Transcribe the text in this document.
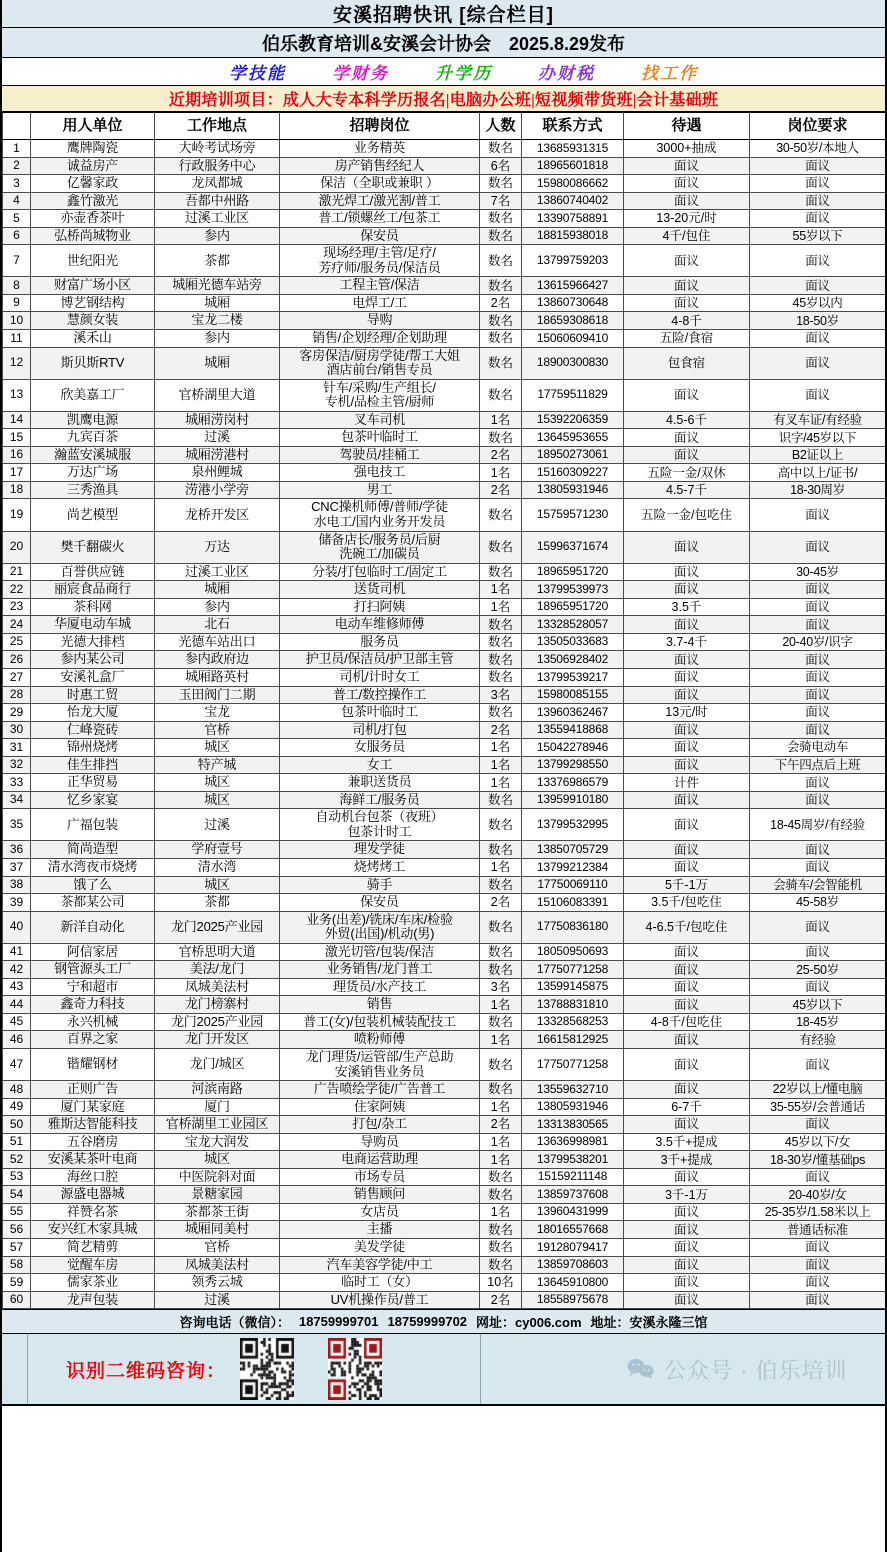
安溪招聘快讯 [综合栏目]
伯乐教育培训&安溪会计协会　2025.8.29发布
学技能	学财务	升学历	办财税	找工作
近期培训项目：成人大专本科学历报名|电脑办公班|短视频带货班|会计基础班
	用人单位	工作地点	招聘岗位	人数	联系方式	待遇	岗位要求
1	鹰牌陶瓷	大岭考试场旁	业务精英	数名	13685931315	3000+抽成	30-50岁/本地人
2	诚益房产	行政服务中心	房产销售经纪人	6名	18965601818	面议	面议
3	亿馨家政	龙凤都城	保洁（全职或兼职 ）	数名	15980086662	面议	面议
4	鑫竹激光	吾都中州路	激光焊工/激光割/普工	7名	13860740402	面议	面议
5	亦壶香茶叶	过溪工业区	普工/锁螺丝工/包茶工	数名	13390758891	13-20元/时	面议
6	弘桥尚城物业	参内	保安员	数名	18815938018	4千/包住	55岁以下
7	世纪阳光	茶都	现场经理/主管/足疗/
芳疗师/服务员/保洁员	数名	13799759203	面议	面议
8	财富广场小区	城厢光德车站旁	工程主管/保洁	数名	13615966427	面议	面议
9	博艺钢结构	城厢	电焊工/工	2名	13860730648	面议	45岁以内
10	慧颜女装	宝龙二楼	导购	数名	18659308618	4-8千	18-50岁
11	溪禾山	参内	销售/企划经理/企划助理	数名	15060609410	五险/食宿	面议
12	斯贝斯RTV	城厢	客房保洁/厨房学徒/帮工大姐
酒店前台/销售专员	数名	18900300830	包食宿	面议
13	欣美嘉工厂	官桥湖里大道	针车/采购/生产组长/
专机/品检主管/厨师	数名	17759511829	面议	面议
14	凯鹰电源	城厢涝岗村	叉车司机	1名	15392206359	4.5-6千	有叉车证/有经验
15	九宾百茶	过溪	包茶叶临时工	数名	13645953655	面议	识字/45岁以下
16	瀚蓝安溪城服	城厢涝港村	驾驶员/挂桶工	2名	18950273061	面议	B2证以上
17	万达广场	泉州鲤城	强电技工	1名	15160309227	五险一金/双休	高中以上/证书/
18	三秀渔具	涝港小学旁	男工	2名	13805931946	4.5-7千	18-30周岁
19	尚艺模型	龙桥开发区	CNC操机师傅/普师/学徒
水电工/国内业务开发员	数名	15759571230	五险一金/包吃住	面议
20	樊千翻碳火	万达	储备店长/服务员/后厨
洗碗工/加碳员	数名	15996371674	面议	面议
21	百誉供应链	过溪工业区	分装/打包临时工/固定工	数名	18965951720	面议	30-45岁
22	丽宸食品商行	城厢	送货司机	1名	13799539973	面议	面议
23	茶科网	参内	打扫阿姨	1名	18965951720	3.5千	面议
24	华厦电动车城	北石	电动车维修师傅	数名	13328528057	面议	面议
25	光德大排档	光德车站出口	服务员	数名	13505033683	3.7-4千	20-40岁/识字
26	参内某公司	参内政府边	护卫员/保洁员/护卫部主管	数名	13506928402	面议	面议
27	安溪礼盒厂	城厢路英村	司机/计时女工	数名	13799539217	面议	面议
28	时惠工贸	玉田阀门二期	普工/数控操作工	3名	15980085155	面议	面议
29	怡龙大厦	宝龙	包茶叶临时工	数名	13960362467	13元/时	面议
30	仁峰瓷砖	官桥	司机/打包	2名	13559418868	面议	面议
31	锦州烧烤	城区	女服务员	1名	15042278946	面议	会骑电动车
32	佳生排挡	特产城	女工	1名	13799298550	面议	下午四点后上班
33	正华贸易	城区	兼职送货员	1名	13376986579	计件	面议
34	忆乡家宴	城区	海鲜工/服务员	数名	13959910180	面议	面议
35	广福包装	过溪	自动机台包茶（夜班）
包茶计时工	数名	13799532995	面议	18-45周岁/有经验
36	简尚造型	学府壹号	理发学徒	数名	13850705729	面议	面议
37	清水湾夜市烧烤	清水湾	烧烤烤工	1名	13799212384	面议	面议
38	饿了么	城区	骑手	数名	17750069110	5千-1万	会骑车/会智能机
39	茶都某公司	茶都	保安员	2名	15106083391	3.5千/包吃住	45-58岁
40	新洋自动化	龙门2025产业园	业务(出差)/铣床/车床/检验
外贸(出国)/机动(男)	数名	17750836180	4-6.5千/包吃住	面议
41	阿信家居	官桥思明大道	激光切管/包装/保洁	数名	18050950693	面议	面议
42	钢管源头工厂	美法/龙门	业务销售/龙门普工	数名	17750771258	面议	25-50岁
43	宁和超市	凤城美法村	理货员/水产技工	3名	13599145875	面议	面议
44	鑫奇力科技	龙门榜寨村	销售	1名	13788831810	面议	45岁以下
45	永兴机械	龙门2025产业园	普工(女)/包装机械装配技工	数名	13328568253	4-8千/包吃住	18-45岁
46	百界之家	龙门开发区	喷粉师傅	1名	16615812925	面议	有经验
47	锴耀钢材	龙门/城区	龙门理货/运管部/生产总助
安溪销售业务员	数名	17750771258	面议	面议
48	正则广告	河滨南路	广告喷绘学徒/广告普工	数名	13559632710	面议	22岁以上/懂电脑
49	厦门某家庭	厦门	住家阿姨	1名	13805931946	6-7千	35-55岁/会普通话
50	雅斯达智能科技	官桥湖里工业园区	打包/杂工	2名	13313830565	面议	面议
51	五谷磨房	宝龙大润发	导购员	1名	13636998981	3.5千+提成	45岁以下/女
52	安溪某茶叶电商	城区	电商运营助理	1名	13799538201	3千+提成	18-30岁/懂基础ps
53	海丝口腔	中医院斜对面	市场专员	数名	15159211148	面议	面议
54	源盛电器城	景糖家园	销售顾问	数名	13859737608	3千-1万	20-40岁/女
55	祥赞名茶	茶都茶王街	女店员	1名	13960431999	面议	25-35岁/1.58米以上
56	安兴红木家具城	城厢同美村	主播	数名	18016557668	面议	普通话标准
57	简艺精剪	官桥	美发学徒	数名	19128079417	面议	面议
58	觉醒车房	凤城美法村	汽车美容学徒/中工	数名	13859708603	面议	面议
59	儒家茶业	领秀云城	临时工（女）	10名	13645910800	面议	面议
60	龙声包装	过溪	UV机操作员/普工	2名	18558975678	面议	面议
咨询电话（微信）： 18759999701 18759999702 网址：cy006.com 地址：安溪永隆三馆
识别二维码咨询：	公众号 · 伯乐培训
